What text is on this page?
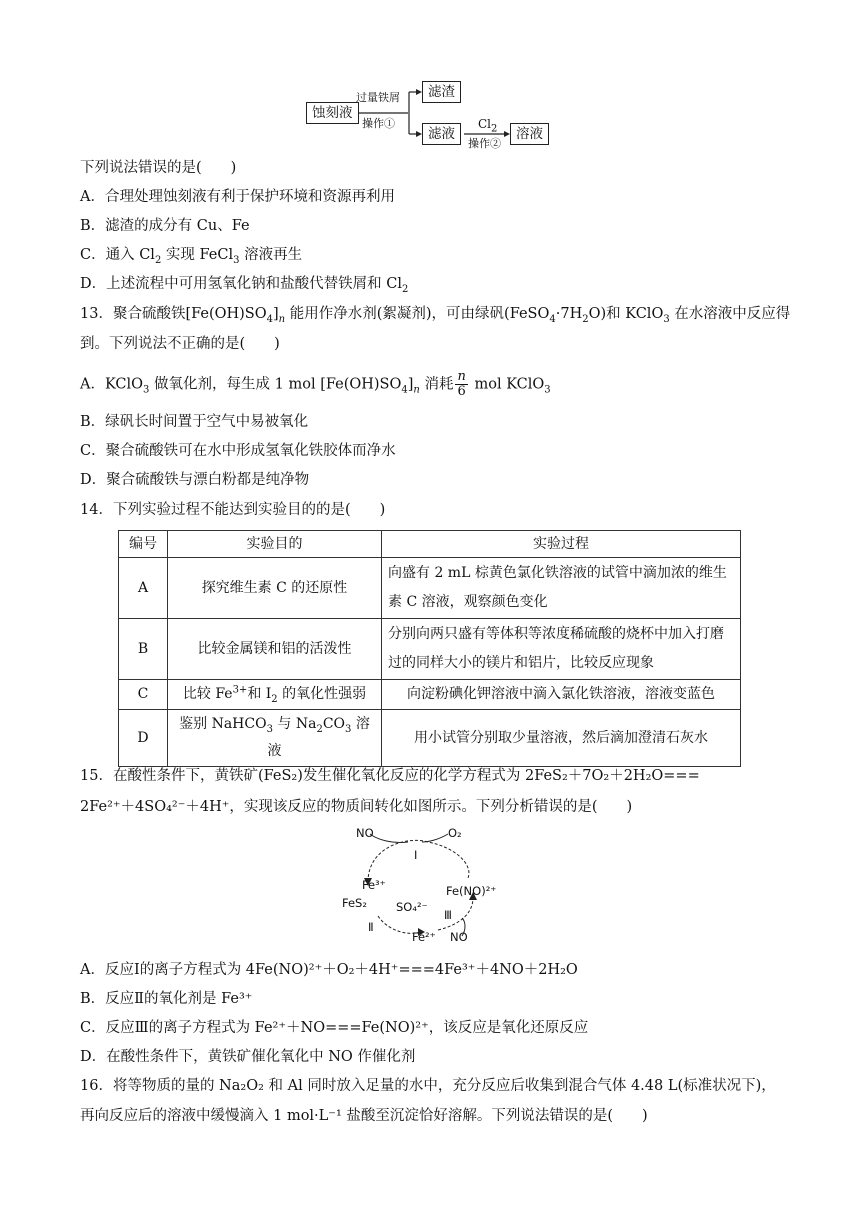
蚀刻液
过量铁屑
操作①
滤渣
滤液
$Cl_2$
操作②
溶液
下列说法错误的是(　　)
A．合理处理蚀刻液有利于保护环境和资源再利用
B．滤渣的成分有 Cu、Fe
C．通入 $Cl_2$ 实现 FeCl$_3$ 溶液再生
D．上述流程中可用氢氧化钠和盐酸代替铁屑和 $Cl_2$
13．聚合硫酸铁$[Fe(OH)SO_4]_n$ 能用作净水剂(絮凝剂)，可由绿矾$(FeSO_4\cdot 7H_2O)$和 KClO$_3$ 在水溶液中反应得
到。下列说法不正确的是(　　)
A．KClO$_3$ 做氧化剂，每生成 1 mol $[Fe(OH)SO_4]_n$ 消耗 $\frac{n}{6}$ mol KClO$_3$
B．绿矾长时间置于空气中易被氧化
C．聚合硫酸铁可在水中形成氢氧化铁胶体而净水
D．聚合硫酸铁与漂白粉都是纯净物
14．下列实验过程不能达到实验目的的是(　　)
编号	实验目的	实验过程
A	探究维生素 C 的还原性	向盛有 2 mL 棕黄色氯化铁溶液的试管中滴加浓的维生素 C 溶液，观察颜色变化

B	比较金属镁和铝的活泼性	分别向两只盛有等体积等浓度稀硫酸的烧杯中加入打磨过的同样大小的镁片和铝片，比较反应现象

C	比较 $Fe^{3+}$和 $I_2$ 的氧化性强弱	向淀粉碘化钾溶液中滴入氯化铁溶液，溶液变蓝色
D	鉴别 NaHCO$_3$ 与 $Na_2CO_3$ 溶液	用小试管分别取少量溶液，然后滴加澄清石灰水
15．在酸性条件下，黄铁矿(FeS₂)发生催化氧化反应的化学方程式为 2FeS₂＋7O₂＋2H₂O===
2Fe²⁺＋4SO₄²⁻＋4H⁺，实现该反应的物质间转化如图所示。下列分析错误的是(　　)
NO	O₂
Ⅰ
Fe³⁺	Fe(NO)²⁺
FeS₂	SO₄²⁻
Ⅲ
Ⅱ
Fe²⁺ NO
A．反应Ⅰ的离子方程式为 4Fe(NO)²⁺＋O₂＋4H⁺===4Fe³⁺＋4NO＋2H₂O
B．反应Ⅱ的氧化剂是 Fe³⁺
C．反应Ⅲ的离子方程式为 Fe²⁺＋NO===Fe(NO)²⁺，该反应是氧化还原反应
D．在酸性条件下，黄铁矿催化氧化中 NO 作催化剂
16．将等物质的量的 Na₂O₂ 和 Al 同时放入足量的水中，充分反应后收集到混合气体 4.48 L(标准状况下)，
再向反应后的溶液中缓慢滴入 1 mol·L⁻¹ 盐酸至沉淀恰好溶解。下列说法错误的是(　　)
